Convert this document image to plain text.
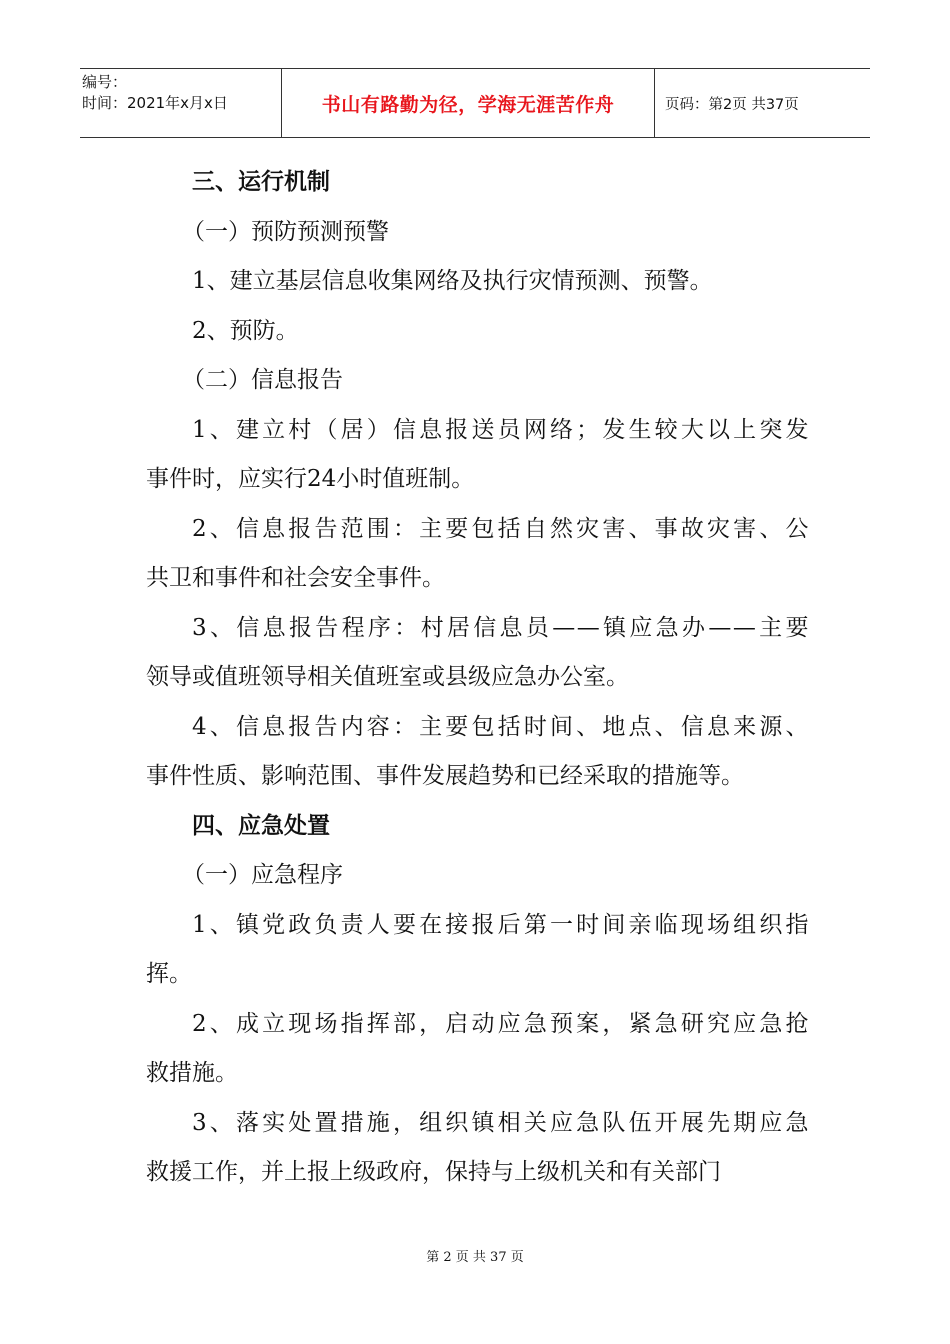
编号：
时间：2021年x月x日	书山有路勤为径，学海无涯苦作舟	页码：第2页 共37页
三、运行机制
（一）预防预测预警
1、建立基层信息收集网络及执行灾情预测、预警。
2、预防。
（二）信息报告
1、建立村（居）信息报送员网络；发生较大以上突发
事件时，应实行24小时值班制。
2、信息报告范围：主要包括自然灾害、事故灾害、公
共卫和事件和社会安全事件。
3、信息报告程序：村居信息员——镇应急办——主要
领导或值班领导相关值班室或县级应急办公室。
4、信息报告内容：主要包括时间、地点、信息来源、
事件性质、影响范围、事件发展趋势和已经采取的措施等。
四、应急处置
（一）应急程序
1、镇党政负责人要在接报后第一时间亲临现场组织指
挥。
2、成立现场指挥部，启动应急预案，紧急研究应急抢
救措施。
3、落实处置措施，组织镇相关应急队伍开展先期应急
救援工作，并上报上级政府，保持与上级机关和有关部门
第 2 页 共 37 页
